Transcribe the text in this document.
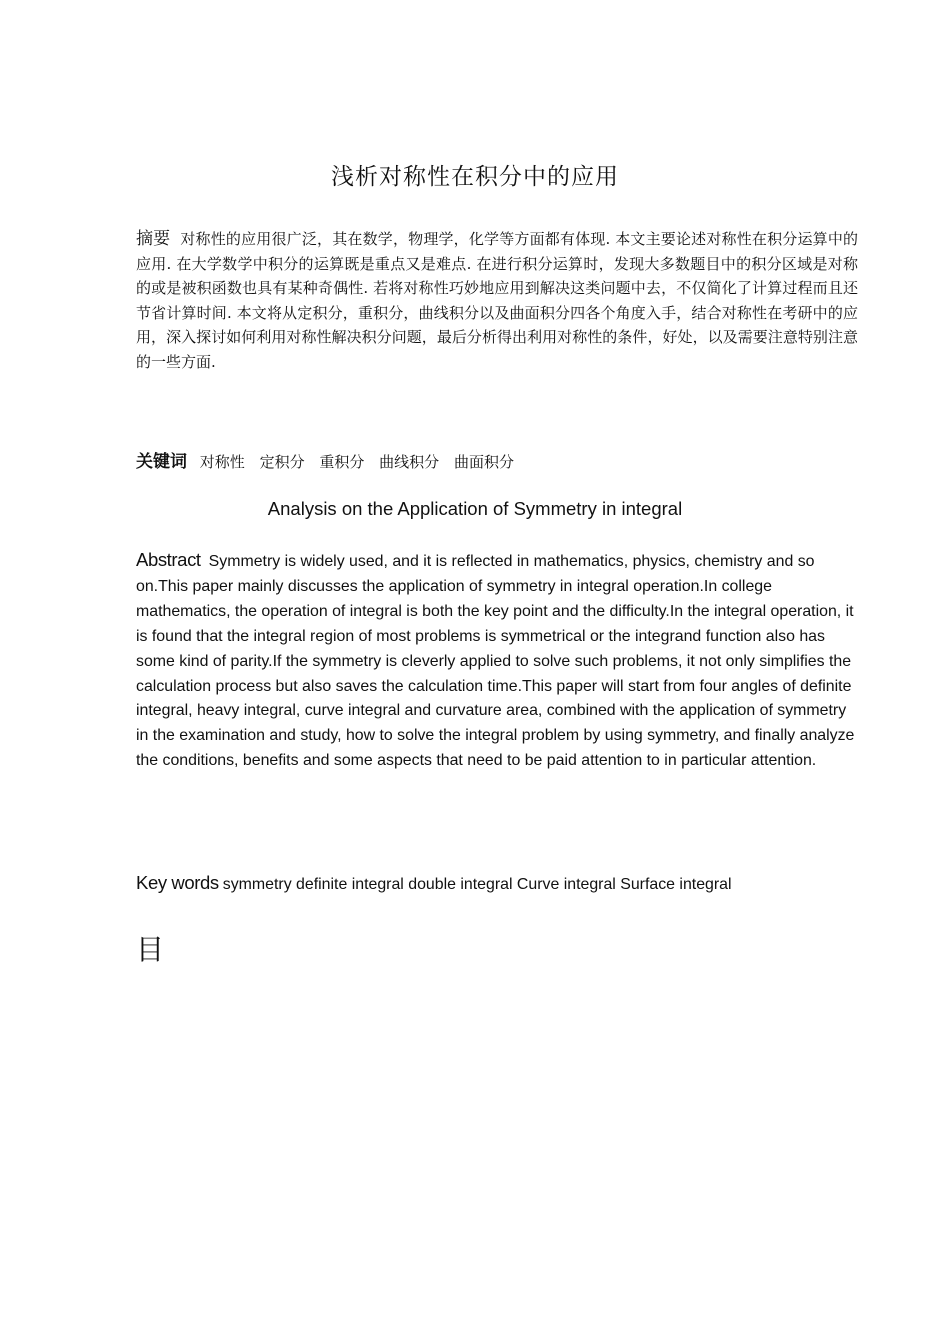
浅析对称性在积分中的应用
摘要 对称性的应用很广泛，其在数学，物理学，化学等方面都有体现. 本文主要论述对称性在积分运算中的应用. 在大学数学中积分的运算既是重点又是难点. 在进行积分运算时，发现大多数题目中的积分区域是对称的或是被积函数也具有某种奇偶性. 若将对称性巧妙地应用到解决这类问题中去，不仅简化了计算过程而且还节省计算时间. 本文将从定积分，重积分，曲线积分以及曲面积分四各个角度入手，结合对称性在考研中的应用，深入探讨如何利用对称性解决积分问题，最后分析得出利用对称性的条件，好处，以及需要注意特别注意的一些方面.
关键词 对称性 定积分 重积分 曲线积分 曲面积分
Analysis on the Application of Symmetry in integral
Abstract Symmetry is widely used, and it is reflected in mathematics, physics, chemistry and so on.This paper mainly discusses the application of symmetry in integral operation.In college mathematics, the operation of integral is both the key point and the difficulty.In the integral operation, it is found that the integral region of most problems is symmetrical or the integrand function also has some kind of parity.If the symmetry is cleverly applied to solve such problems, it not only simplifies the calculation process but also saves the calculation time.This paper will start from four angles of definite integral, heavy integral, curve integral and curvature area, combined with the application of symmetry in the examination and study, how to solve the integral problem by using symmetry, and finally analyze the conditions, benefits and some aspects that need to be paid attention to in particular attention.
Key words symmetry definite integral double integral Curve integral Surface integral
目
